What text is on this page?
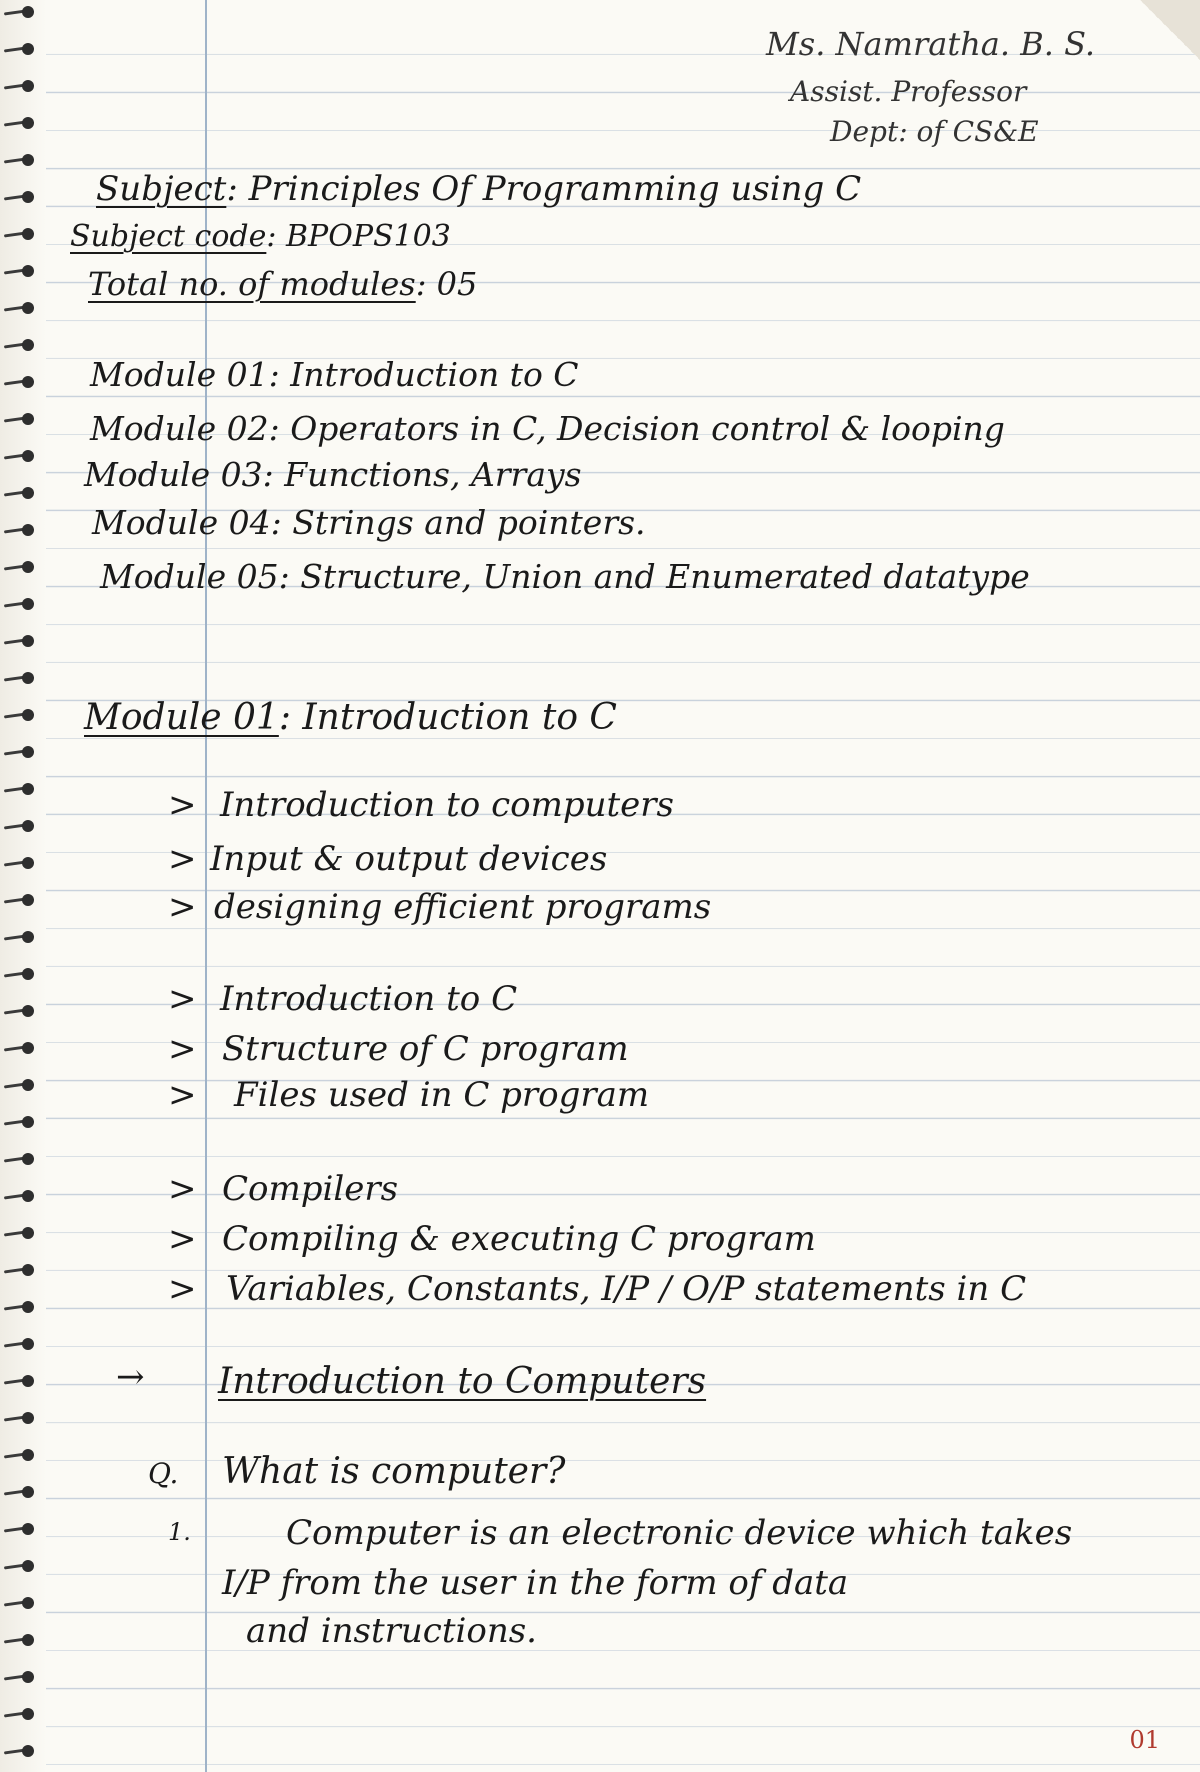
Ms. Namratha. B. S.

Assist. Professor

Dept: of CS&E

Subject: Principles Of Programming using C

Subject code: BPOPS103

Total no. of modules: 05

Module 01: Introduction to C

Module 02: Operators in C, Decision control & looping

Module 03: Functions, Arrays

Module 04: Strings and pointers.

Module 05: Structure, Union and Enumerated datatype

Module 01: Introduction to C

> Introduction to computers
> Input & output devices
> designing efficient programs
> Introduction to C
> Structure of C program
> Files used in C program
> Compilers
> Compiling & executing C program
> Variables, Constants, I/P / O/P statements in C
→ Introduction to Computers
Q. What is computer?
1.	Computer is an electronic device which takes
I/P from the user in the form of data
and instructions.
01
